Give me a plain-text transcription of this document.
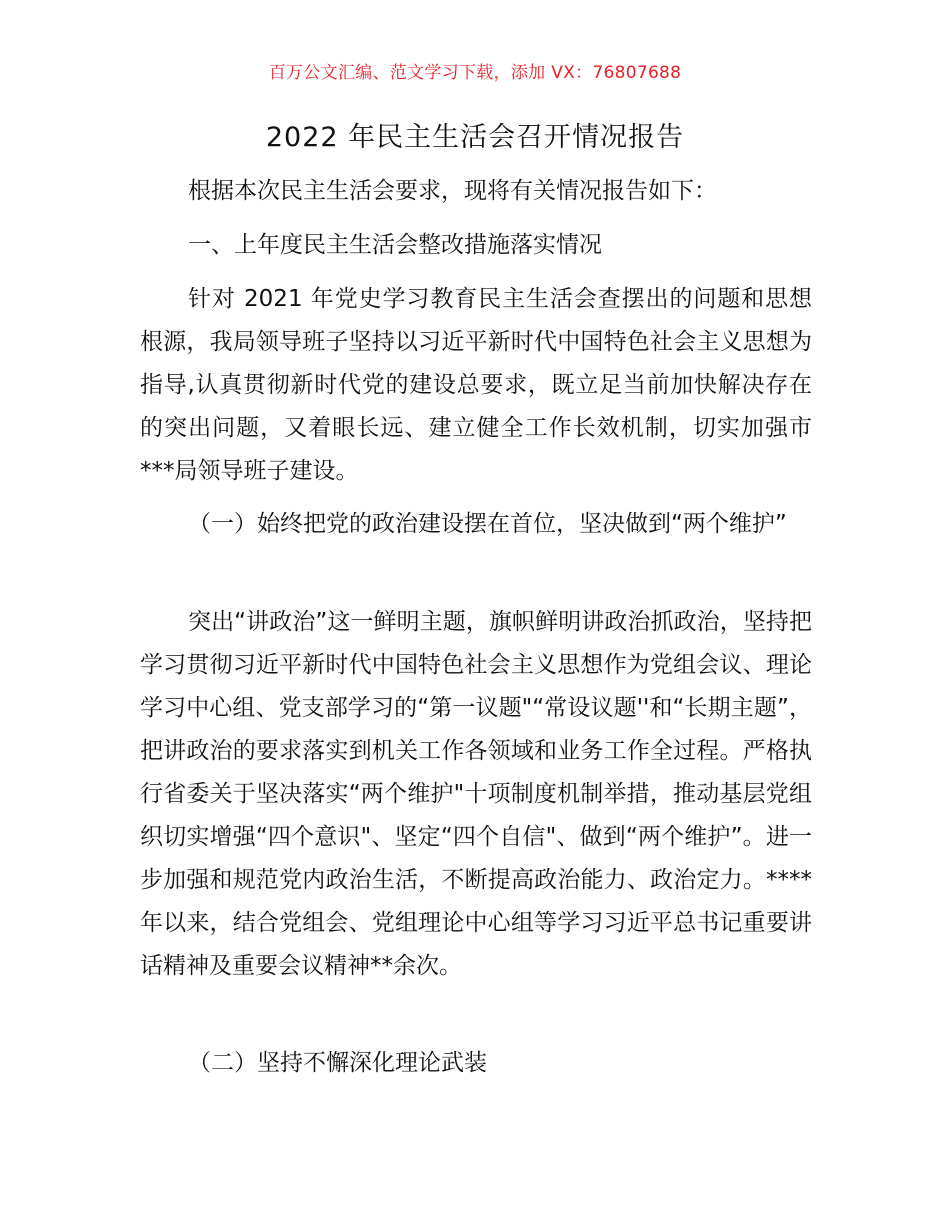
百万公文汇编、范文学习下载，添加 VX：76807688
2022 年民主生活会召开情况报告

根据本次民主生活会要求，现将有关情况报告如下：

一、上年度民主生活会整改措施落实情况

针对 2021 年党史学习教育民主生活会查摆出的问题和思想根源，我局领导班子坚持以习近平新时代中国特色社会主义思想为指导,认真贯彻新时代党的建设总要求，既立足当前加快解决存在的突出问题，又着眼长远、建立健全工作长效机制，切实加强市***局领导班子建设。

（一）始终把党的政治建设摆在首位，坚决做到“两个维护”

突出“讲政治”这一鲜明主题，旗帜鲜明讲政治抓政治，坚持把学习贯彻习近平新时代中国特色社会主义思想作为党组会议、理论学习中心组、党支部学习的“第一议题"“常设议题''和“长期主题”，把讲政治的要求落实到机关工作各领域和业务工作全过程。严格执行省委关于坚决落实“两个维护"十项制度机制举措，推动基层党组织切实增强“四个意识"、坚定“四个自信"、做到“两个维护”。进一步加强和规范党内政治生活，不断提高政治能力、政治定力。****年以来，结合党组会、党组理论中心组等学习习近平总书记重要讲话精神及重要会议精神**余次。

（二）坚持不懈深化理论武装
